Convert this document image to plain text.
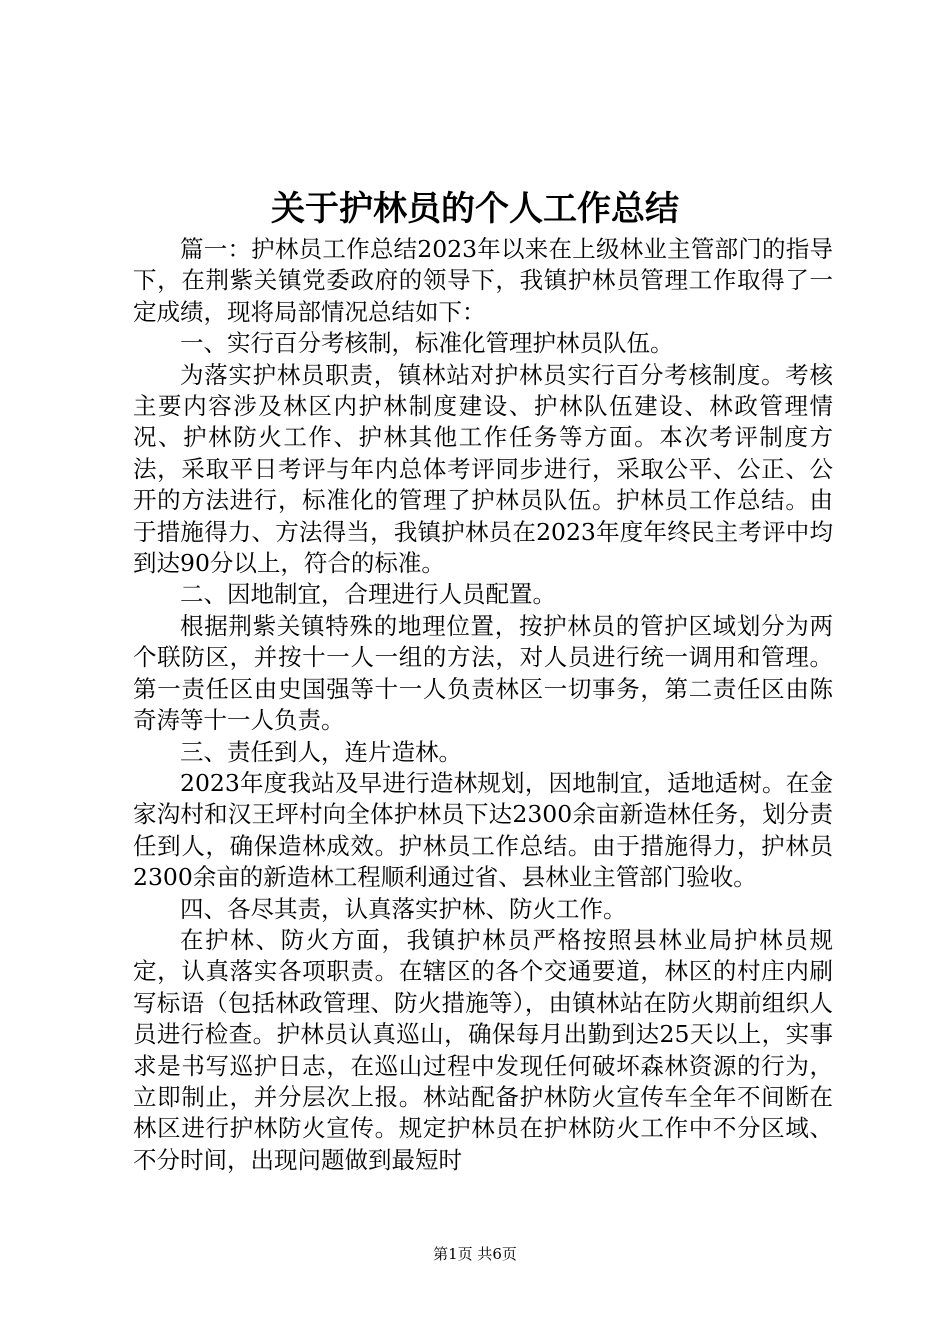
关于护林员的个人工作总结

篇一：护林员工作总结2023年以来在上级林业主管部门的指导下，在荆紫关镇党委政府的领导下，我镇护林员管理工作取得了一定成绩，现将局部情况总结如下：

一、实行百分考核制，标准化管理护林员队伍。

为落实护林员职责，镇林站对护林员实行百分考核制度。考核主要内容涉及林区内护林制度建设、护林队伍建设、林政管理情况、护林防火工作、护林其他工作任务等方面。本次考评制度方法，采取平日考评与年内总体考评同步进行，采取公平、公正、公开的方法进行，标准化的管理了护林员队伍。护林员工作总结。由于措施得力、方法得当，我镇护林员在2023年度年终民主考评中均到达90分以上，符合的标准。

二、因地制宜，合理进行人员配置。

根据荆紫关镇特殊的地理位置，按护林员的管护区域划分为两个联防区，并按十一人一组的方法，对人员进行统一调用和管理。第一责任区由史国强等十一人负责林区一切事务，第二责任区由陈奇涛等十一人负责。

三、责任到人，连片造林。

2023年度我站及早进行造林规划，因地制宜，适地适树。在金家沟村和汉王坪村向全体护林员下达2300余亩新造林任务，划分责任到人，确保造林成效。护林员工作总结。由于措施得力，护林员2300余亩的新造林工程顺利通过省、县林业主管部门验收。

四、各尽其责，认真落实护林、防火工作。

在护林、防火方面，我镇护林员严格按照县林业局护林员规定，认真落实各项职责。在辖区的各个交通要道，林区的村庄内刷写标语（包括林政管理、防火措施等），由镇林站在防火期前组织人员进行检查。护林员认真巡山，确保每月出勤到达25天以上，实事求是书写巡护日志，在巡山过程中发现任何破坏森林资源的行为，立即制止，并分层次上报。林站配备护林防火宣传车全年不间断在林区进行护林防火宣传。规定护林员在护林防火工作中不分区域、不分时间，出现问题做到最短时

第1页 共6页
